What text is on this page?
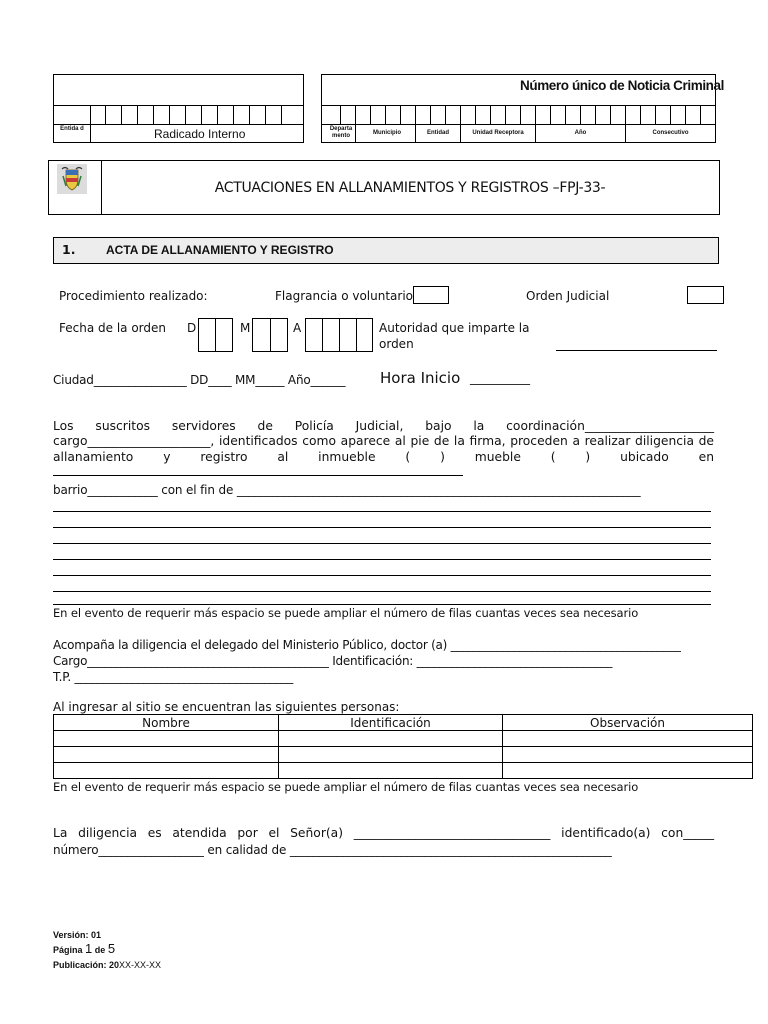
Entida d	Radicado Interno
Número único de Noticia Criminal
Departa mento	Municipio	Entidad	Unidad Receptora	Año	Consecutivo
ACTUACIONES EN ALLANAMIENTOS Y REGISTROS –FPJ-33-
1.	ACTA DE ALLANAMIENTO Y REGISTRO
Procedimiento realizado:	Flagrancia o voluntario	Orden Judicial
Fecha de la orden D	M	A	Autoridad que imparte la
orden
Ciudad________________ DD____ MM_____ Año______ Hora Inicio __________
Los suscritos servidores de Policía Judicial, bajo la coordinación_____________________
cargo____________________, identificados como aparece al pie de la firma, proceden a realizar diligencia de
allanamiento y registro al inmueble ( ) mueble ( ) ubicado en
barrio____________ con el fin de _____________________________________________________________________
En el evento de requerir más espacio se puede ampliar el número de filas cuantas veces sea necesario
Acompaña la diligencia el delegado del Ministerio Público, doctor (a) ________________________________________
Cargo__________________________________________ Identificación: __________________________________
T.P. ______________________________________
Al ingresar al sitio se encuentran las siguientes personas:
Nombre	Identificación	Observación

En el evento de requerir más espacio se puede ampliar el número de filas cuantas veces sea necesario
La diligencia es atendida por el Señor(a) ________________________________ identificado(a) con_____
número__________________ en calidad de _______________________________________________________
Versión: 01
Página 1 de 5
Publicación: 20XX-XX-XX
